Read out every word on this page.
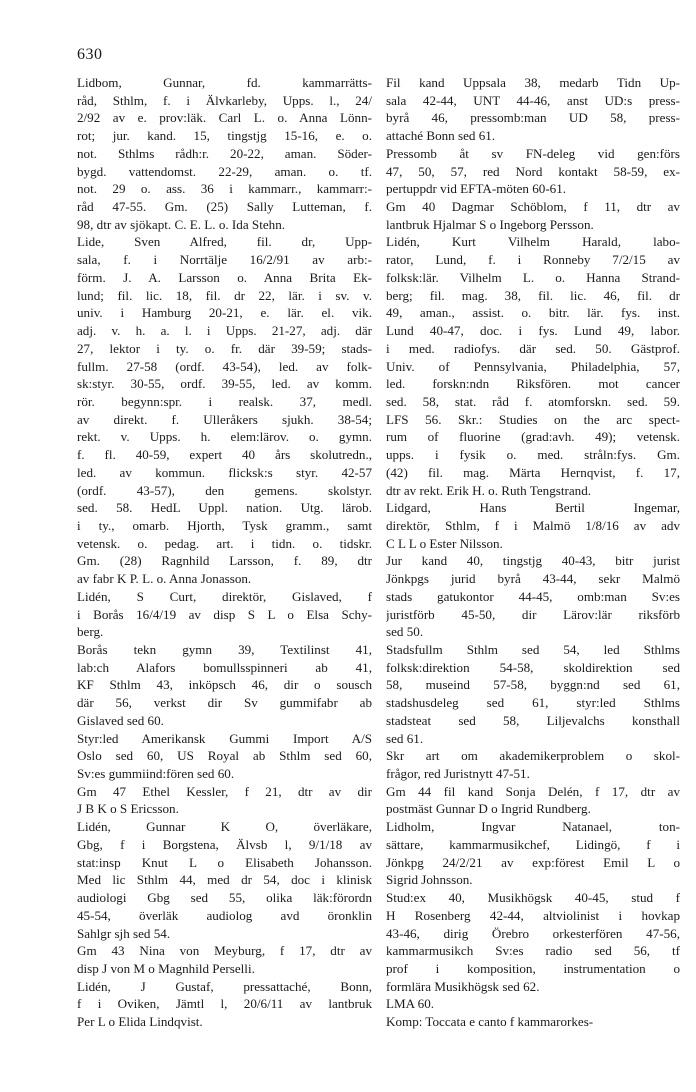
630
Lidbom, Gunnar, fd. kammarrätts-
råd, Sthlm, f. i Älvkarleby, Upps. l., 24/
2/92 av e. prov:läk. Carl L. o. Anna Lönn-
rot; jur. kand. 15, tingstjg 15-16, e. o.
not. Sthlms rådh:r. 20-22, aman. Söder-
bygd. vattendomst. 22-29, aman. o. tf.
not. 29 o. ass. 36 i kammarr., kammarr:-
råd 47-55. Gm. (25) Sally Lutteman, f.
98, dtr av sjökapt. C. E. L. o. Ida Stehn.
Lide, Sven Alfred, fil. dr, Upp-
sala, f. i Norrtälje 16/2/91 av arb:-
förm. J. A. Larsson o. Anna Brita Ek-
lund; fil. lic. 18, fil. dr 22, lär. i sv. v.
univ. i Hamburg 20-21, e. lär. el. vik.
adj. v. h. a. l. i Upps. 21-27, adj. där
27, lektor i ty. o. fr. där 39-59; stads-
fullm. 27-58 (ordf. 43-54), led. av folk-
sk:styr. 30-55, ordf. 39-55, led. av komm.
rör. begynn:spr. i realsk. 37, medl.
av direkt. f. Ulleråkers sjukh. 38-54;
rekt. v. Upps. h. elem:lärov. o. gymn.
f. fl. 40-59, expert 40 års skolutredn.,
led. av kommun. flicksk:s styr. 42-57
(ordf. 43-57), den gemens. skolstyr.
sed. 58. HedL Uppl. nation. Utg. lärob.
i ty., omarb. Hjorth, Tysk gramm., samt
vetensk. o. pedag. art. i tidn. o. tidskr.
Gm. (28) Ragnhild Larsson, f. 89, dtr
av fabr K P. L. o. Anna Jonasson.
Lidén, S Curt, direktör, Gislaved, f
i Borås 16/4/19 av disp S L o Elsa Schy-
berg.
Borås tekn gymn 39, Textilinst 41,
lab:ch Alafors bomullsspinneri ab 41,
KF Sthlm 43, inköpsch 46, dir o sousch
där 56, verkst dir Sv gummifabr ab
Gislaved sed 60.
Styr:led Amerikansk Gummi Import A/S
Oslo sed 60, US Royal ab Sthlm sed 60,
Sv:es gummiind:fören sed 60.
Gm 47 Ethel Kessler, f 21, dtr av dir
J B K o S Ericsson.
Lidén, Gunnar K O, överläkare,
Gbg, f i Borgstena, Älvsb l, 9/1/18 av
stat:insp Knut L o Elisabeth Johansson.
Med lic Sthlm 44, med dr 54, doc i klinisk
audiologi Gbg sed 55, olika läk:förordn
45-54, överläk audiolog avd öronklin
Sahlgr sjh sed 54.
Gm 43 Nina von Meyburg, f 17, dtr av
disp J von M o Magnhild Perselli.
Lidén, J Gustaf, pressattaché, Bonn,
f i Oviken, Jämtl l, 20/6/11 av lantbruk
Per L o Elida Lindqvist.
Fil kand Uppsala 38, medarb Tidn Up-
sala 42-44, UNT 44-46, anst UD:s press-
byrå 46, pressomb:man UD 58, press-
attaché Bonn sed 61.
Pressomb åt sv FN-deleg vid gen:förs
47, 50, 57, red Nord kontakt 58-59, ex-
pertuppdr vid EFTA-möten 60-61.
Gm 40 Dagmar Schöblom, f 11, dtr av
lantbruk Hjalmar S o Ingeborg Persson.
Lidén, Kurt Vilhelm Harald, labo-
rator, Lund, f. i Ronneby 7/2/15 av
folksk:lär. Vilhelm L. o. Hanna Strand-
berg; fil. mag. 38, fil. lic. 46, fil. dr
49, aman., assist. o. bitr. lär. fys. inst.
Lund 40-47, doc. i fys. Lund 49, labor.
i med. radiofys. där sed. 50. Gästprof.
Univ. of Pennsylvania, Philadelphia, 57,
led. forskn:ndn Riksfören. mot cancer
sed. 58, stat. råd f. atomforskn. sed. 59.
LFS 56. Skr.: Studies on the arc spect-
rum of fluorine (grad:avh. 49); vetensk.
upps. i fysik o. med. stråln:fys. Gm.
(42) fil. mag. Märta Hernqvist, f. 17,
dtr av rekt. Erik H. o. Ruth Tengstrand.
Lidgard, Hans Bertil Ingemar,
direktör, Sthlm, f i Malmö 1/8/16 av adv
C L L o Ester Nilsson.
Jur kand 40, tingstjg 40-43, bitr jurist
Jönkpgs jurid byrå 43-44, sekr Malmö
stads gatukontor 44-45, omb:man Sv:es
juristförb 45-50, dir Lärov:lär riksförb
sed 50.
Stadsfullm Sthlm sed 54, led Sthlms
folksk:direktion 54-58, skoldirektion sed
58, museind 57-58, byggn:nd sed 61,
stadshusdeleg sed 61, styr:led Sthlms
stadsteat sed 58, Liljevalchs konsthall
sed 61.
Skr art om akademikerproblem o skol-
frågor, red Juristnytt 47-51.
Gm 44 fil kand Sonja Delén, f 17, dtr av
postmäst Gunnar D o Ingrid Rundberg.
Lidholm, Ingvar Natanael, ton-
sättare, kammarmusikchef, Lidingö, f i
Jönkpg 24/2/21 av exp:förest Emil L o
Sigrid Johnsson.
Stud:ex 40, Musikhögsk 40-45, stud f
H Rosenberg 42-44, altviolinist i hovkap
43-46, dirig Örebro orkesterfören 47-56,
kammarmusikch Sv:es radio sed 56, tf
prof i komposition, instrumentation o
formlära Musikhögsk sed 62.
LMA 60.
Komp: Toccata e canto f kammarorkes-
